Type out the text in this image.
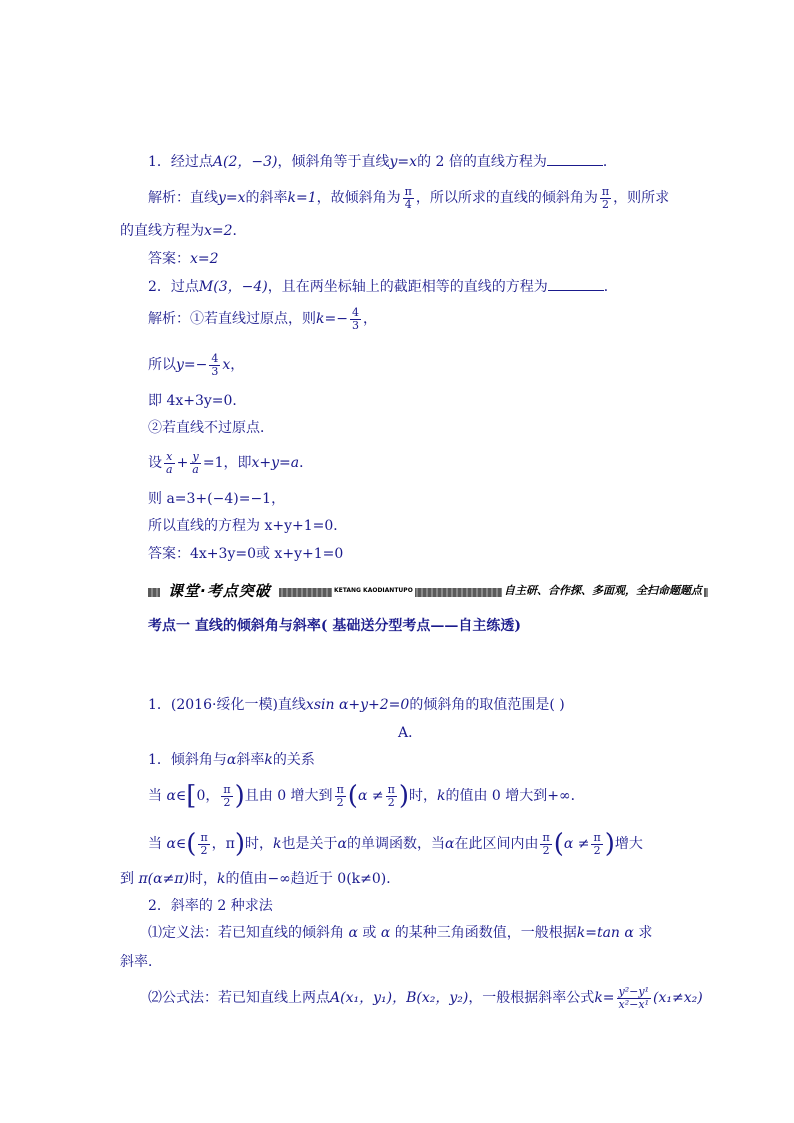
1．经过点A(2，−3)，倾斜角等于直线y=x的 2 倍的直线方程为	．
解析：直线y=x的斜率k=1，故倾斜角为 $\frac{\pi}{4}$ ，所以所求的直线的倾斜角为 $\frac{\pi}{2}$ ，则所求
的直线方程为x=2．
答案：x=2
2．过点M(3，−4)，且在两坐标轴上的截距相等的直线的方程为	．
解析：①若直线过原点，则$k=- \frac{4}{3}$ ，
所以$y=- \frac{4}{3}$ x，
即 4x+3y=0．
②若直线不过原点．
设 $\frac{x}{a} + \frac{y}{a} =1$，即x+y=a．
则 a=3+(−4)=−1，
所以直线的方程为 x+y+1=0．
答案：4x+3y=0或 x+y+1=0
课堂·考点突破	KETANG KAODIANTUPO	自主研、合作探、多面观，全扫命题题点
考点一 直线的倾斜角与斜率( 基础送分型考点——自主练透)
1．(2016·绥化一模)直线xsin α+y+2=0的倾斜角的取值范围是( )
A．
1．倾斜角与α斜率k的关系
当 α∈[0， $\frac{\pi}{2}$ )且由 0 增大到 $\frac{\pi}{2} (\alpha \ne \frac{\pi}{2}$ )时，k的值由 0 增大到+∞．
当 α∈( $\frac{\pi}{2}$ ，π)时，k也是关于α的单调函数，当α在此区间内由 $\frac{\pi}{2} (\alpha \ne \frac{\pi}{2}$ )增大
到 π(α≠π)时，k的值由−∞趋近于 0(k≠0)．
2．斜率的 2 种求法
⑴定义法：若已知直线的倾斜角 α 或 α 的某种三角函数值，一般根据k=tan α 求
斜率．
⑵公式法：若已知直线上两点A(x₁，y₁)，B(x₂，y₂)，一般根据斜率公式$k= \frac{\text{y²−y¹}}{\text{x²−x¹}} (x_1\ne x_2)$
